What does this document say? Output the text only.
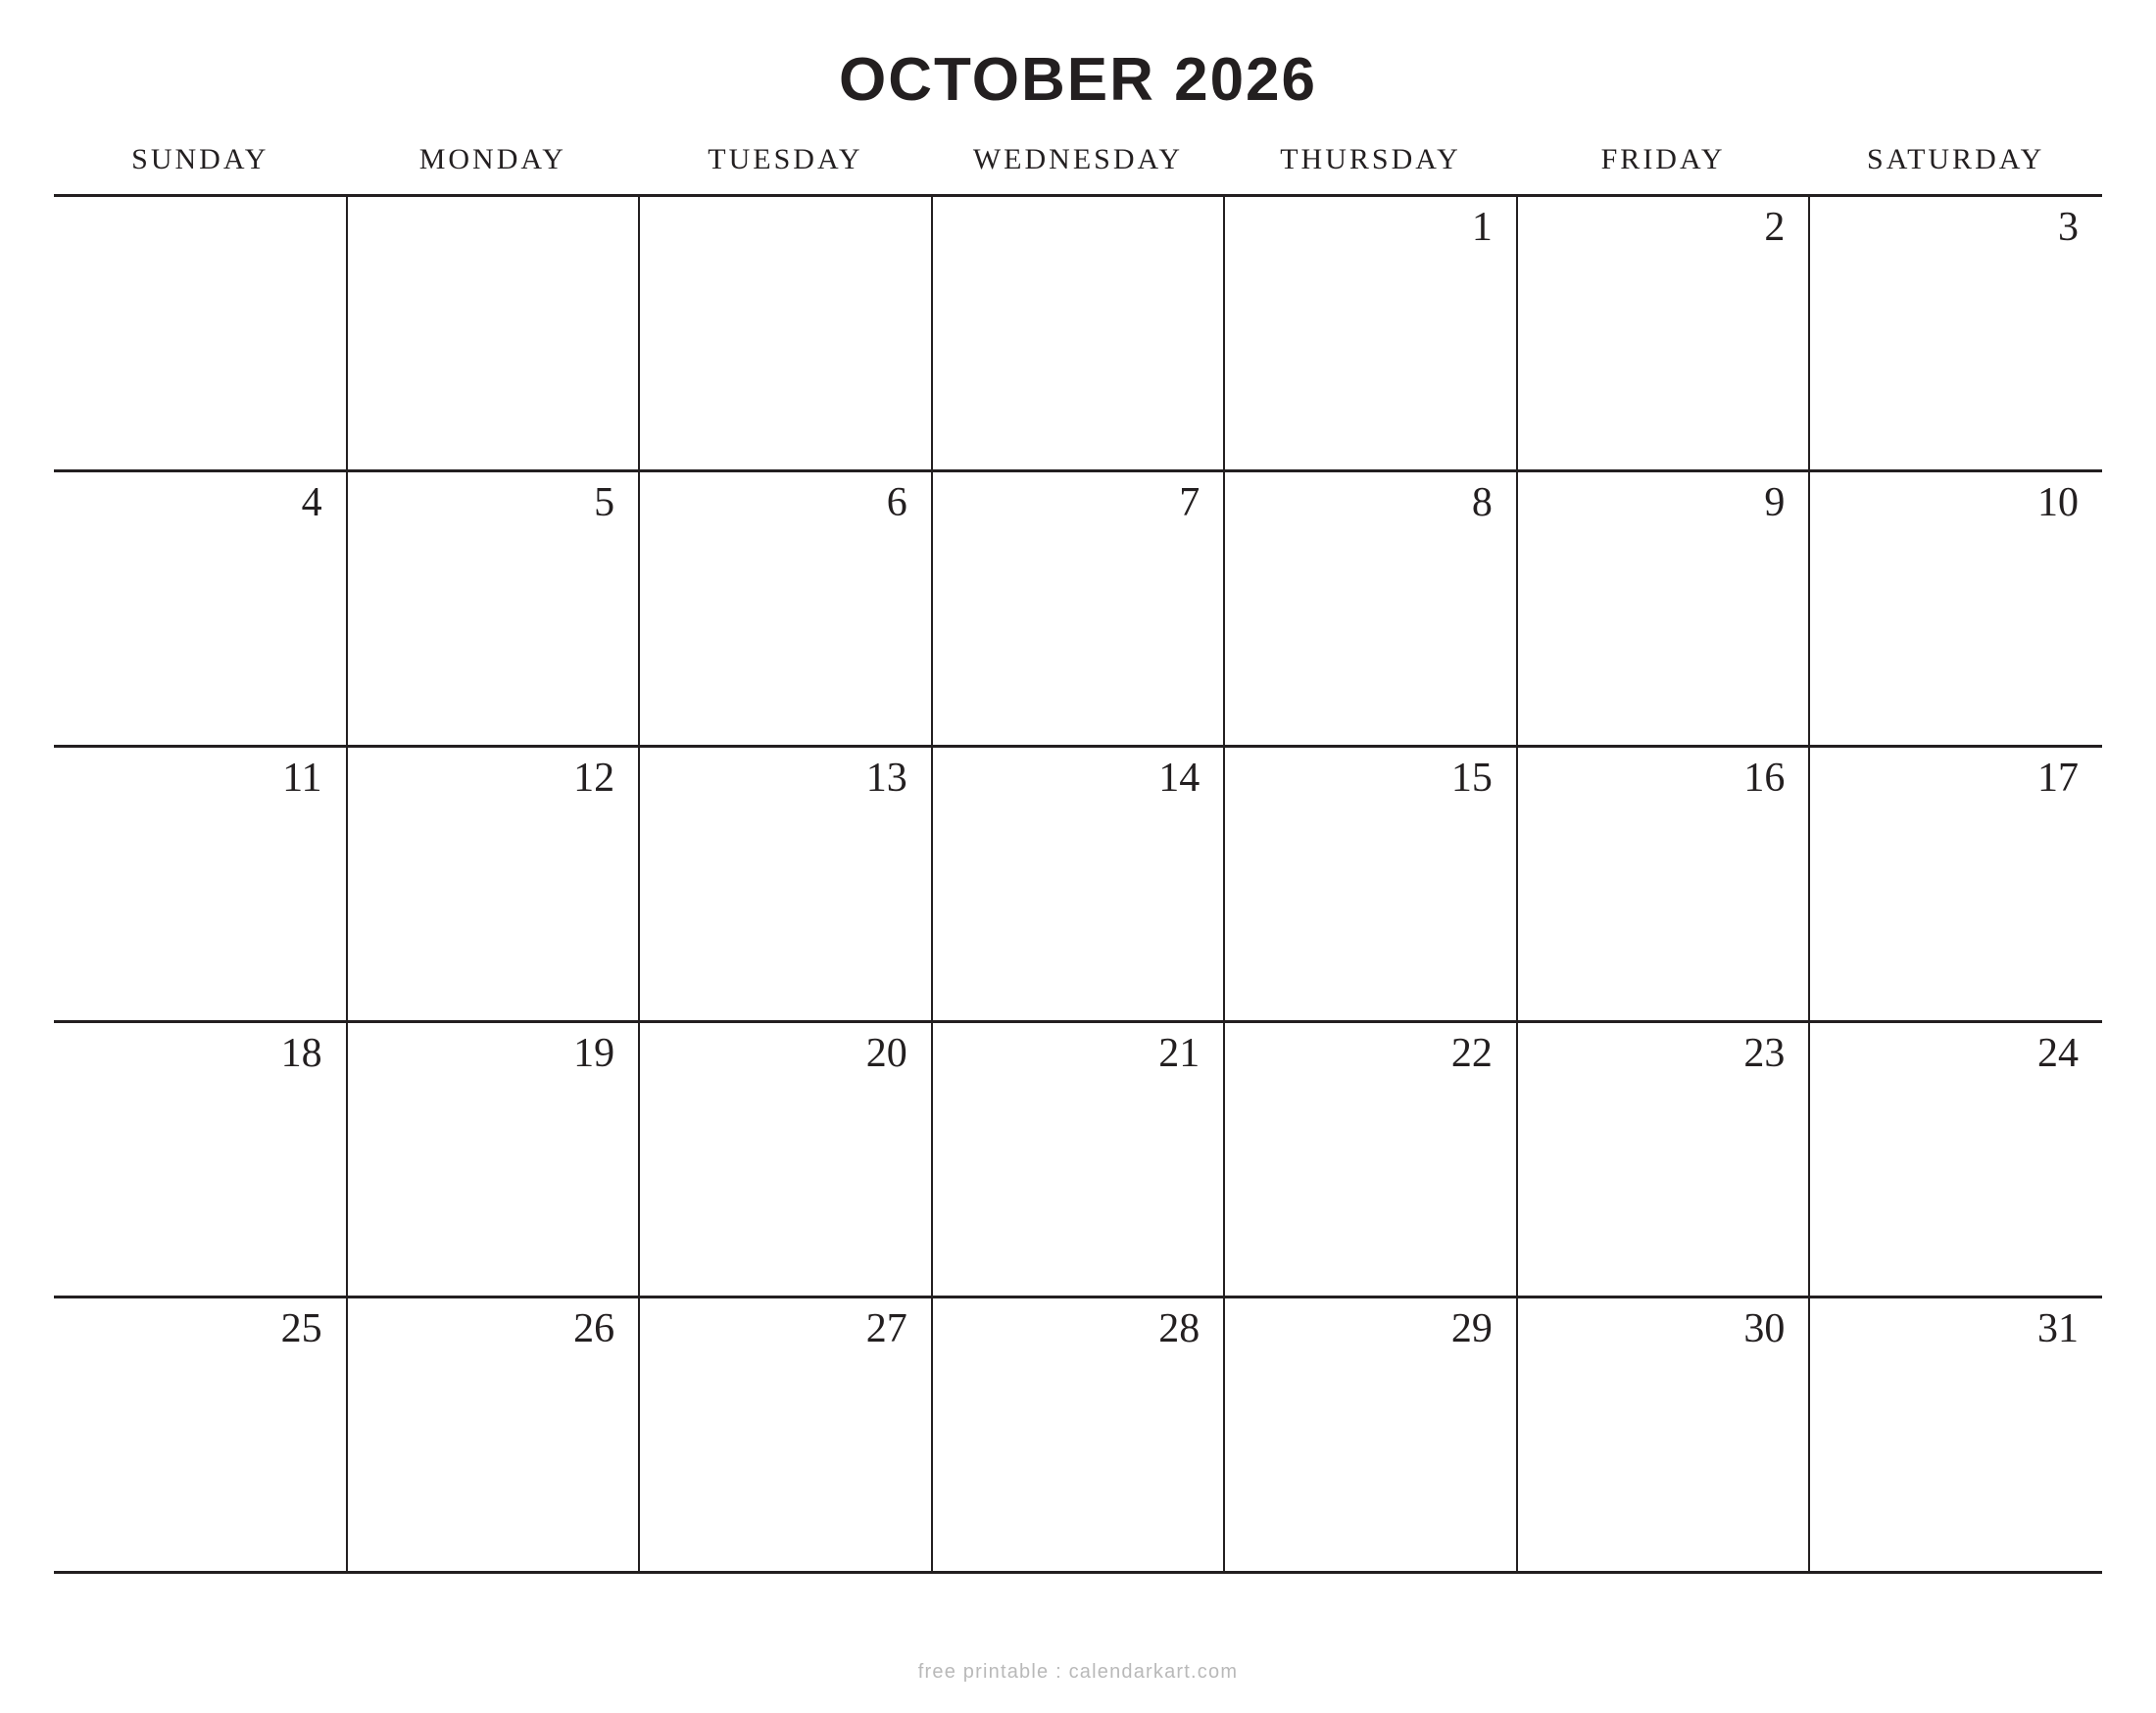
OCTOBER 2026
SUNDAY	MONDAY	TUESDAY	WEDNESDAY	THURSDAY	FRIDAY	SATURDAY

				1	2	3

4	5	6	7	8	9	10

11	12	13	14	15	16	17

18	19	20	21	22	23	24

25	26	27	28	29	30	31
free printable : calendarkart.com
